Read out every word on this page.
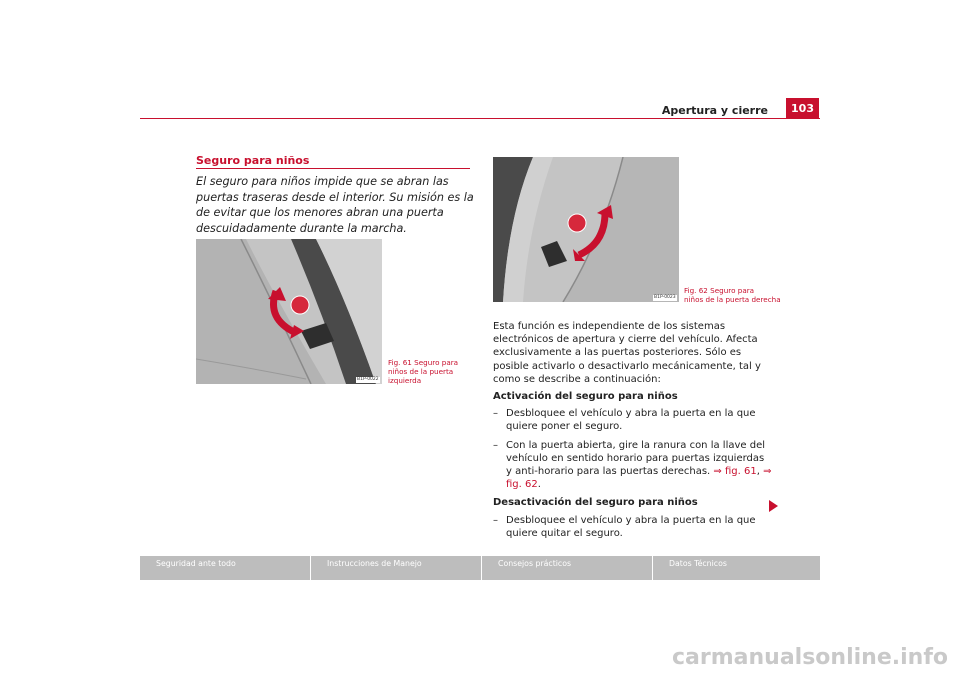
Apertura y cierre	103
Seguro para niños
El seguro para niños impide que se abran las puertas traseras desde el interior. Su misión es la de evitar que los menores abran una puerta descuidadamente durante la marcha.
B1P-0022
Fig. 61 Seguro para
niños de la puerta
izquierda
B1P-0023
Fig. 62 Seguro para
niños de la puerta derecha

Esta función es independiente de los sistemas electrónicos de apertura y cierre del vehículo. Afecta exclusivamente a las puertas posteriores. Sólo es posible activarlo o desactivarlo mecánicamente, tal y como se describe a continuación:

Activación del seguro para niños

– Desbloquee el vehículo y abra la puerta en la que quiere poner el seguro.

– Con la puerta abierta, gire la ranura con la llave del vehículo en sentido horario para puertas izquierdas y anti-horario para las puertas derechas. ⇒ fig. 61, ⇒ fig. 62.

Desactivación del seguro para niños

– Desbloquee el vehículo y abra la puerta en la que quiere quitar el seguro.

Seguridad ante todo	Instrucciones de Manejo	Consejos prácticos	Datos Técnicos
carmanualsonline.info
